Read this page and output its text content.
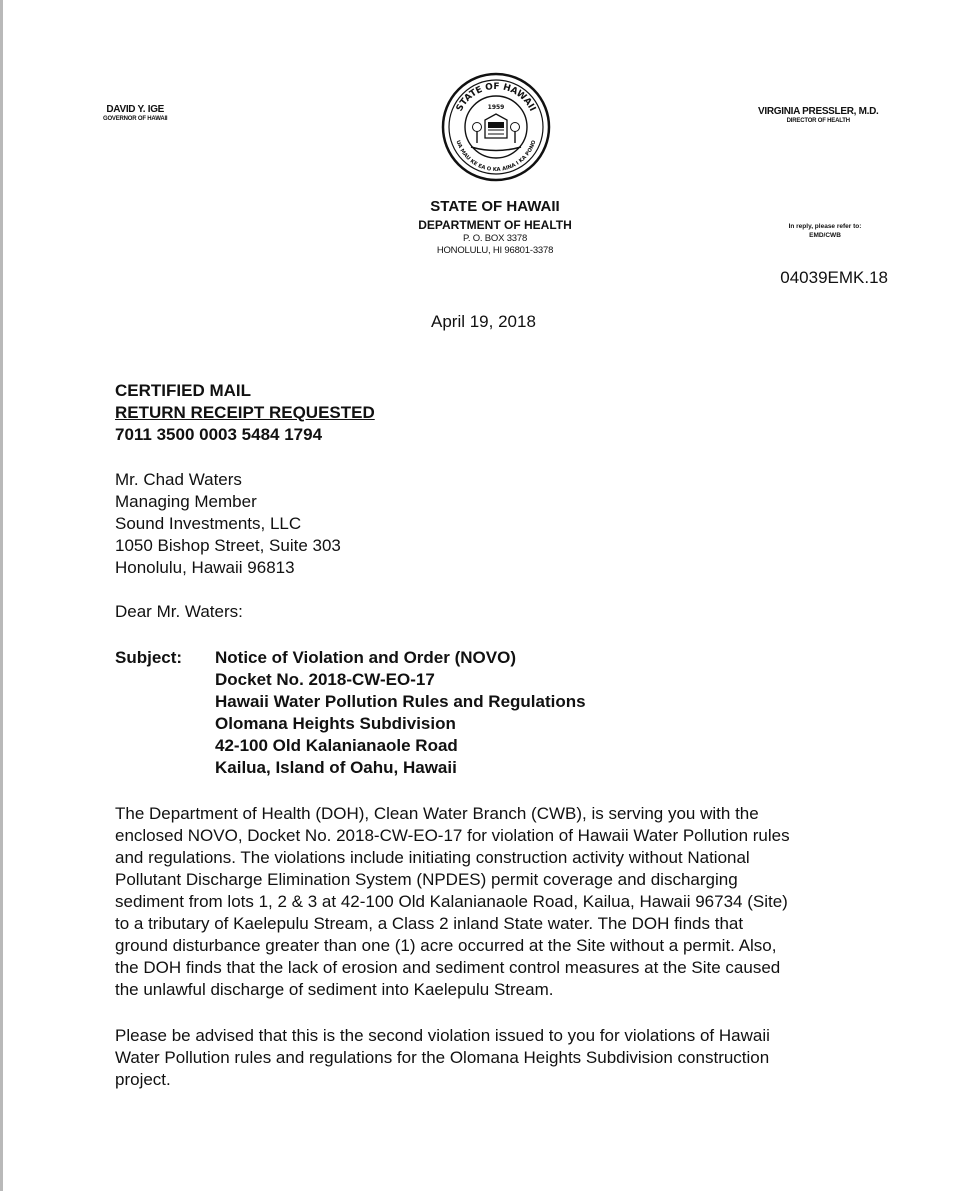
DAVID Y. IGE
GOVERNOR OF HAWAII
STATE OF HAWAII
UA MAU KE EA O KA AINA I KA PONO
1959	VIRGINIA PRESSLER, M.D.
DIRECTOR OF HEALTH
STATE OF HAWAII
DEPARTMENT OF HEALTH
P. O. BOX 3378
HONOLULU, HI 96801-3378
In reply, please refer to:
EMD/CWB
04039EMK.18
April 19, 2018
CERTIFIED MAIL
RETURN RECEIPT REQUESTED
7011 3500 0003 5484 1794
Mr. Chad Waters
Managing Member
Sound Investments, LLC
1050 Bishop Street, Suite 303
Honolulu, Hawaii 96813
Dear Mr. Waters:
Subject: Notice of Violation and Order (NOVO)
Docket No. 2018-CW-EO-17
Hawaii Water Pollution Rules and Regulations
Olomana Heights Subdivision
42-100 Old Kalanianaole Road
Kailua, Island of Oahu, Hawaii
The Department of Health (DOH), Clean Water Branch (CWB), is serving you with the
enclosed NOVO, Docket No. 2018-CW-EO-17 for violation of Hawaii Water Pollution rules
and regulations. The violations include initiating construction activity without National
Pollutant Discharge Elimination System (NPDES) permit coverage and discharging
sediment from lots 1, 2 & 3 at 42-100 Old Kalanianaole Road, Kailua, Hawaii 96734 (Site)
to a tributary of Kaelepulu Stream, a Class 2 inland State water. The DOH finds that
ground disturbance greater than one (1) acre occurred at the Site without a permit. Also,
the DOH finds that the lack of erosion and sediment control measures at the Site caused
the unlawful discharge of sediment into Kaelepulu Stream.
Please be advised that this is the second violation issued to you for violations of Hawaii
Water Pollution rules and regulations for the Olomana Heights Subdivision construction
project.
